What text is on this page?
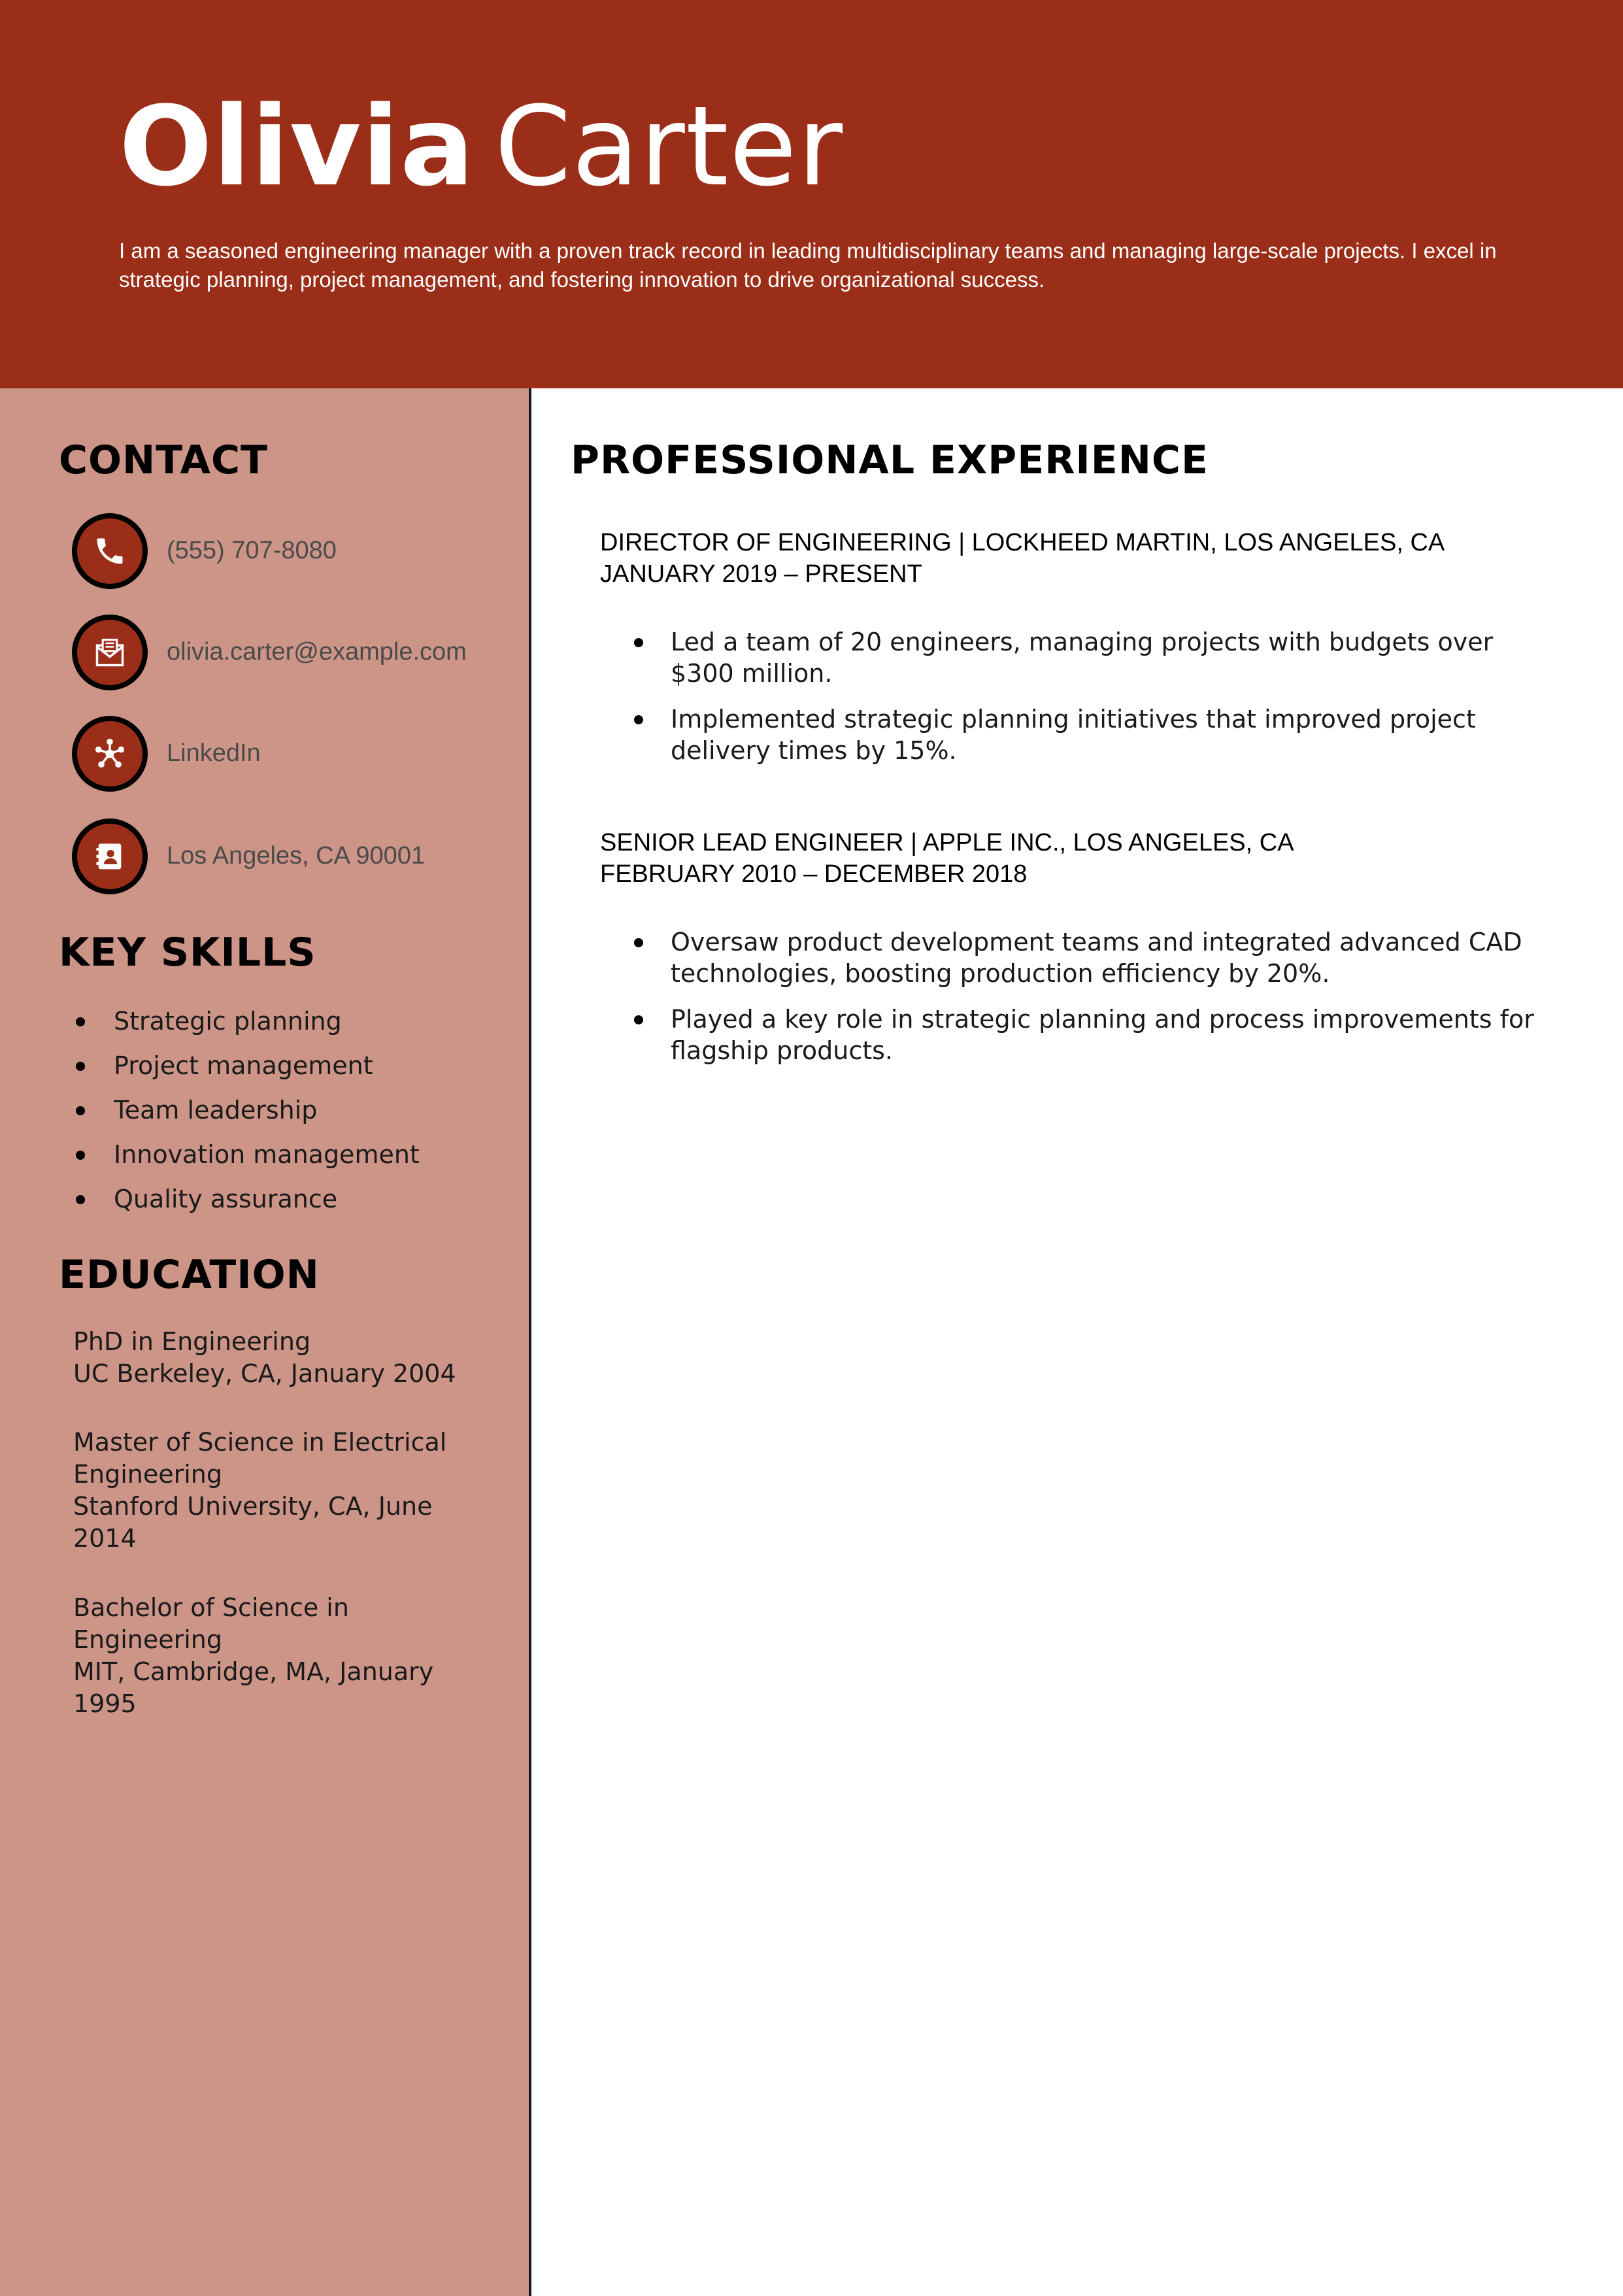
Olivia Carter
I am a seasoned engineering manager with a proven track record in leading multidisciplinary teams and managing large-scale projects. I excel in strategic planning, project management, and fostering innovation to drive organizational success.
CONTACT
(555) 707-8080
olivia.carter@example.com
LinkedIn
Los Angeles, CA 90001
KEY SKILLS
Strategic planning
Project management
Team leadership
Innovation management
Quality assurance
EDUCATION
PhD in Engineering
UC Berkeley, CA, January 2004
Master of Science in Electrical Engineering
Stanford University, CA, June 2014
Bachelor of Science in Engineering
MIT, Cambridge, MA, January 1995
PROFESSIONAL EXPERIENCE
DIRECTOR OF ENGINEERING | LOCKHEED MARTIN, LOS ANGELES, CA
JANUARY 2019 – PRESENT
Led a team of 20 engineers, managing projects with budgets over $300 million.
Implemented strategic planning initiatives that improved project delivery times by 15%.
SENIOR LEAD ENGINEER | APPLE INC., LOS ANGELES, CA
FEBRUARY 2010 – DECEMBER 2018
Oversaw product development teams and integrated advanced CAD technologies, boosting production efficiency by 20%.
Played a key role in strategic planning and process improvements for flagship products.
